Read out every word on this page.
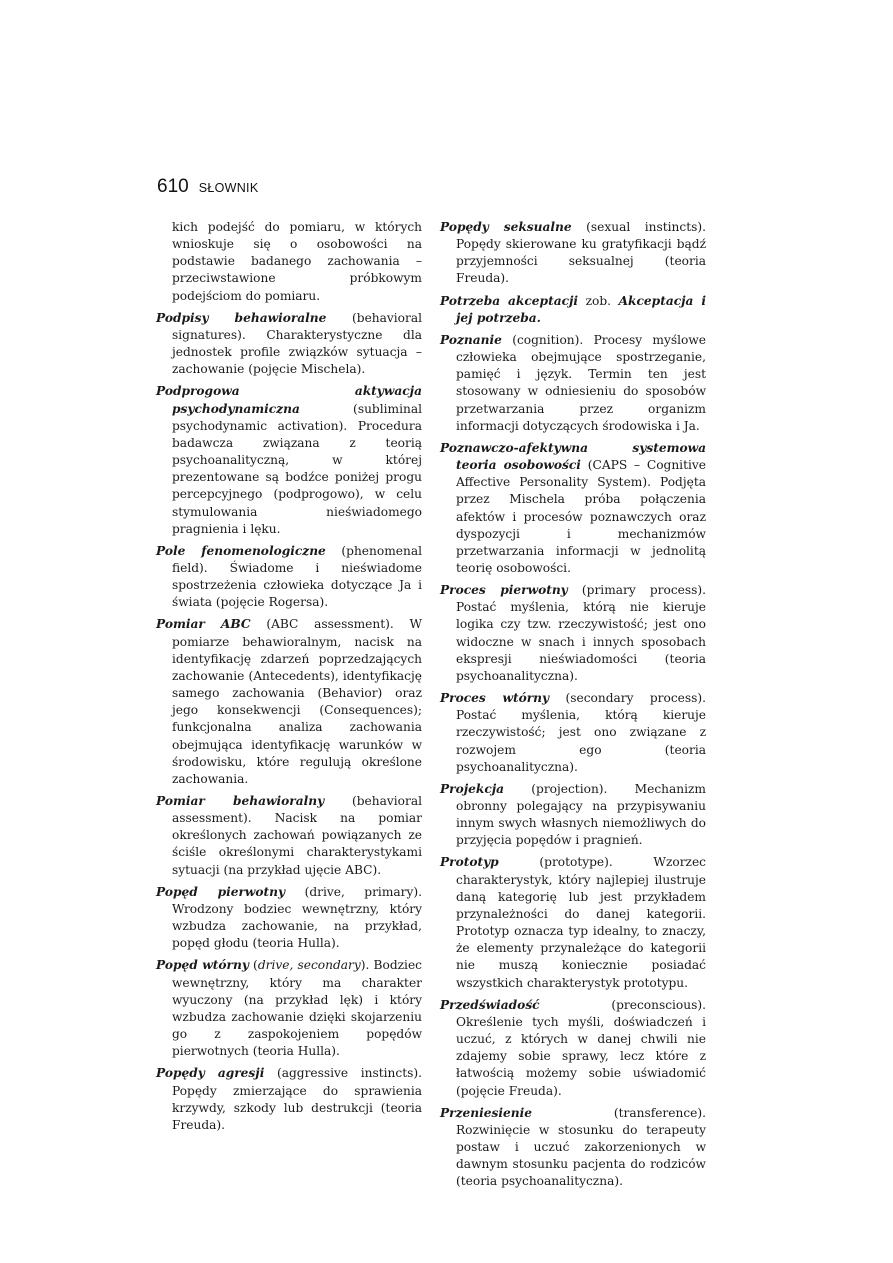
610 SŁOWNIK

kich podejść do pomiaru, w których wnioskuje się o osobowości na podstawie badanego zachowania – przeciwstawione próbkowym podejściom do pomiaru.

Podpisy behawioralne (behavioral signatures). Charakterystyczne dla jednostek profile związków sytuacja – zachowanie (pojęcie Mischela).

Podprogowa aktywacja psychodynamiczna (subliminal psychodynamic activation). Procedura badawcza związana z teorią psychoanalityczną, w której prezentowane są bodźce poniżej progu percepcyjnego (podprogowo), w celu stymulowania nieświadomego pragnienia i lęku.

Pole fenomenologiczne (phenomenal field). Świadome i nieświadome spostrzeżenia człowieka dotyczące Ja i świata (pojęcie Rogersa).

Pomiar ABC (ABC assessment). W pomiarze behawioralnym, nacisk na identyfikację zdarzeń poprzedzających zachowanie (Antecedents), identyfikację samego zachowania (Behavior) oraz jego konsekwencji (Consequences); funkcjonalna analiza zachowania obejmująca identyfikację warunków w środowisku, które regulują określone zachowania.

Pomiar behawioralny (behavioral assessment). Nacisk na pomiar określonych zachowań powiązanych ze ściśle określonymi charakterystykami sytuacji (na przykład ujęcie ABC).

Popęd pierwotny (drive, primary). Wrodzony bodziec wewnętrzny, który wzbudza zachowanie, na przykład, popęd głodu (teoria Hulla).

Popęd wtórny (drive, secondary). Bodziec wewnętrzny, który ma charakter wyuczony (na przykład lęk) i który wzbudza zachowanie dzięki skojarzeniu go z zaspokojeniem popędów pierwotnych (teoria Hulla).

Popędy agresji (aggressive instincts). Popędy zmierzające do sprawienia krzywdy, szkody lub destrukcji (teoria Freuda).

Popędy seksualne (sexual instincts). Popędy skierowane ku gratyfikacji bądź przyjemności seksualnej (teoria Freuda).

Potrzeba akceptacji zob. Akceptacja i jej potrzeba.

Poznanie (cognition). Procesy myślowe człowieka obejmujące spostrzeganie, pamięć i język. Termin ten jest stosowany w odniesieniu do sposobów przetwarzania przez organizm informacji dotyczących środowiska i Ja.

Poznawczo-afektywna systemowa teoria osobowości (CAPS – Cognitive Affective Personality System). Podjęta przez Mischela próba połączenia afektów i procesów poznawczych oraz dyspozycji i mechanizmów przetwarzania informacji w jednolitą teorię osobowości.

Proces pierwotny (primary process). Postać myślenia, którą nie kieruje logika czy tzw. rzeczywistość; jest ono widoczne w snach i innych sposobach ekspresji nieświadomości (teoria psychoanalityczna).

Proces wtórny (secondary process). Postać myślenia, którą kieruje rzeczywistość; jest ono związane z rozwojem ego (teoria psychoanalityczna).

Projekcja (projection). Mechanizm obronny polegający na przypisywaniu innym swych własnych niemożliwych do przyjęcia popędów i pragnień.

Prototyp (prototype). Wzorzec charakterystyk, który najlepiej ilustruje daną kategorię lub jest przykładem przynależności do danej kategorii. Prototyp oznacza typ idealny, to znaczy, że elementy przynależące do kategorii nie muszą koniecznie posiadać wszystkich charakterystyk prototypu.

Przedświadość (preconscious). Określenie tych myśli, doświadczeń i uczuć, z których w danej chwili nie zdajemy sobie sprawy, lecz które z łatwością możemy sobie uświadomić (pojęcie Freuda).

Przeniesienie (transference). Rozwinięcie w stosunku do terapeuty postaw i uczuć zakorzenionych w dawnym stosunku pacjenta do rodziców (teoria psychoanalityczna).
